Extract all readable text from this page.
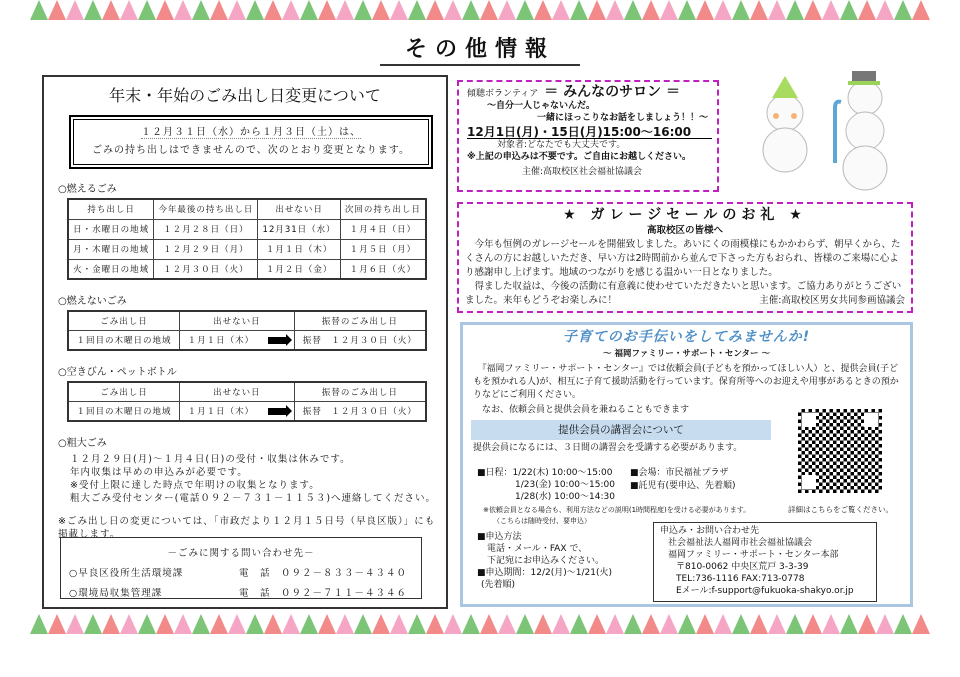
その他情報
年末・年始のごみ出し日変更について
１２月３１日（水）から１月３日（土）は、
ごみの持ち出しはできませんので、次のとおり変更となります。
○燃えるごみ
持ち出し日	今年最後の持ち出し日	出せない日	次回の持ち出し日
日・水曜日の地域	１２月２８日（日）	12月31日（水）	１月４日（日）
月・木曜日の地域	１２月２９日（月）	１月１日（木）	１月５日（月）
火・金曜日の地域	１２月３０日（火）	１月２日（金）	１月６日（火）
○燃えないごみ
ごみ出し日	出せない日	振替のごみ出し日
１回目の木曜日の地域	１月１日（木）	振替　１２月３０日（火）
○空きびん・ペットボトル
ごみ出し日	出せない日	振替のごみ出し日
１回目の木曜日の地域	１月１日（木）	振替　１２月３０日（火）
○粗大ごみ
１２月２９日(月)～１月４日(日)の受付・収集は休みです。
年内収集は早めの申込みが必要です。
※受付上限に達した時点で年明けの収集となります。
粗大ごみ受付センター(電話０９２－７３１－１１５３)へ連絡してください。
※ごみ出し日の変更については、「市政だより１２月１５日号（早良区版）」にも掲載します。
－ごみに関する問い合わせ先－
○早良区役所生活環境課	電　話　０９２－８３３－４３４０
○環境局収集管理課	電　話　０９２－７１１－４３４６
傾聴ボランティア ＝ みんなのサロン ＝
～自分一人じゃないんだ。
一緒にほっこりなお話をしましょう！！～
12月1日(月)・15日(月)15:00～16:00
対象者:どなたでも大丈夫です。
※上記の申込みは不要です。ご自由にお越しください。
主催:高取校区社会福祉協議会
★ ガレージセールのお礼 ★
高取校区の皆様へ
　今年も恒例のガレージセールを開催致しました。あいにくの雨模様にもかかわらず、朝早くから、たくさんの方にお越しいただき、早い方は2時間前から並んで下さった方もおられ、皆様のご来場に心より感謝申し上げます。地域のつながりを感じる温かい一日となりました。
　得ました収益は、今後の活動に有意義に使わせていただきたいと思います。ご協力ありがとうございました。来年もどうぞお楽しみに！	主催:高取校区男女共同参画協議会
子育てのお手伝いをしてみませんか!
～ 福岡ファミリー・サポート・センター ～
　『福岡ファミリー・サポート・センター』では依頼会員(子どもを預かってほしい人）と、提供会員(子どもを預かれる人)が、相互に子育て援助活動を行っています。保育所等へのお迎えや用事があるときの預かりなどにご利用ください。
　なお、依頼会員と提供会員を兼ねることもできます
提供会員の講習会について
提供会員になるには、３日間の講習会を受講する必要があります。
■日程：1/22(木) 10:00～15:00
1/23(金) 10:00～15:00
1/28(水) 10:00～14:30
■会場：市民福祉プラザ
■託児有(要申込、先着順)
※依頼会員となる場合も、利用方法などの説明(1時間程度)を受ける必要があります。
（こちらは随時受付、要申込）
■申込方法
電話・メール・FAX で、
下記宛にお申込みください。
■申込期間：12/2(月)～1/21(火)
(先着順)
詳細はこちらをご覧ください。
申込み・お問い合わせ先
社会福祉法人福岡市社会福祉協議会
福岡ファミリー・サポート・センター本部
〒810-0062 中央区荒戸 3-3-39
TEL:736-1116 FAX:713-0778
Eメール:f-support@fukuoka-shakyo.or.jp
